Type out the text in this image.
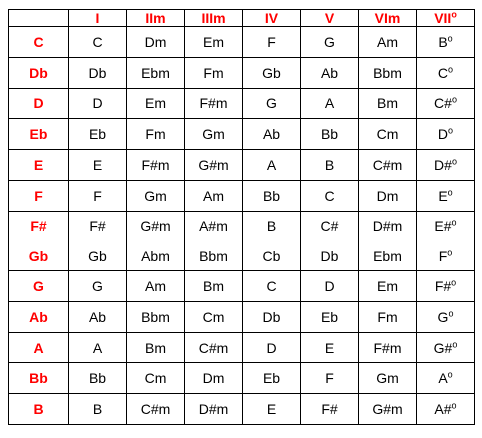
	I	IIm	IIIm	IV	V	VIm	VII$^o$
C	C	Dm	Em	F	G	Am	$B^o$
Db	Db	Ebm	Fm	Gb	Ab	Bbm	$C^o$
D	D	Em	F#m	G	A	Bm	C#$^o$
Eb	Eb	Fm	Gm	Ab	Bb	Cm	$D^o$
E	E	F#m	G#m	A	B	C#m	D#$^o$
F	F	Gm	Am	Bb	C	Dm	$E^o$
F#	F#	G#m	A#m	B	C#	D#m	E#$^o$
Gb	Gb	Abm	Bbm	Cb	Db	Ebm	$F^o$
G	G	Am	Bm	C	D	Em	F#$^o$
Ab	Ab	Bbm	Cm	Db	Eb	Fm	$G^o$
A	A	Bm	C#m	D	E	F#m	G#$^o$
Bb	Bb	Cm	Dm	Eb	F	Gm	$A^o$
B	B	C#m	D#m	E	F#	G#m	A#$^o$
